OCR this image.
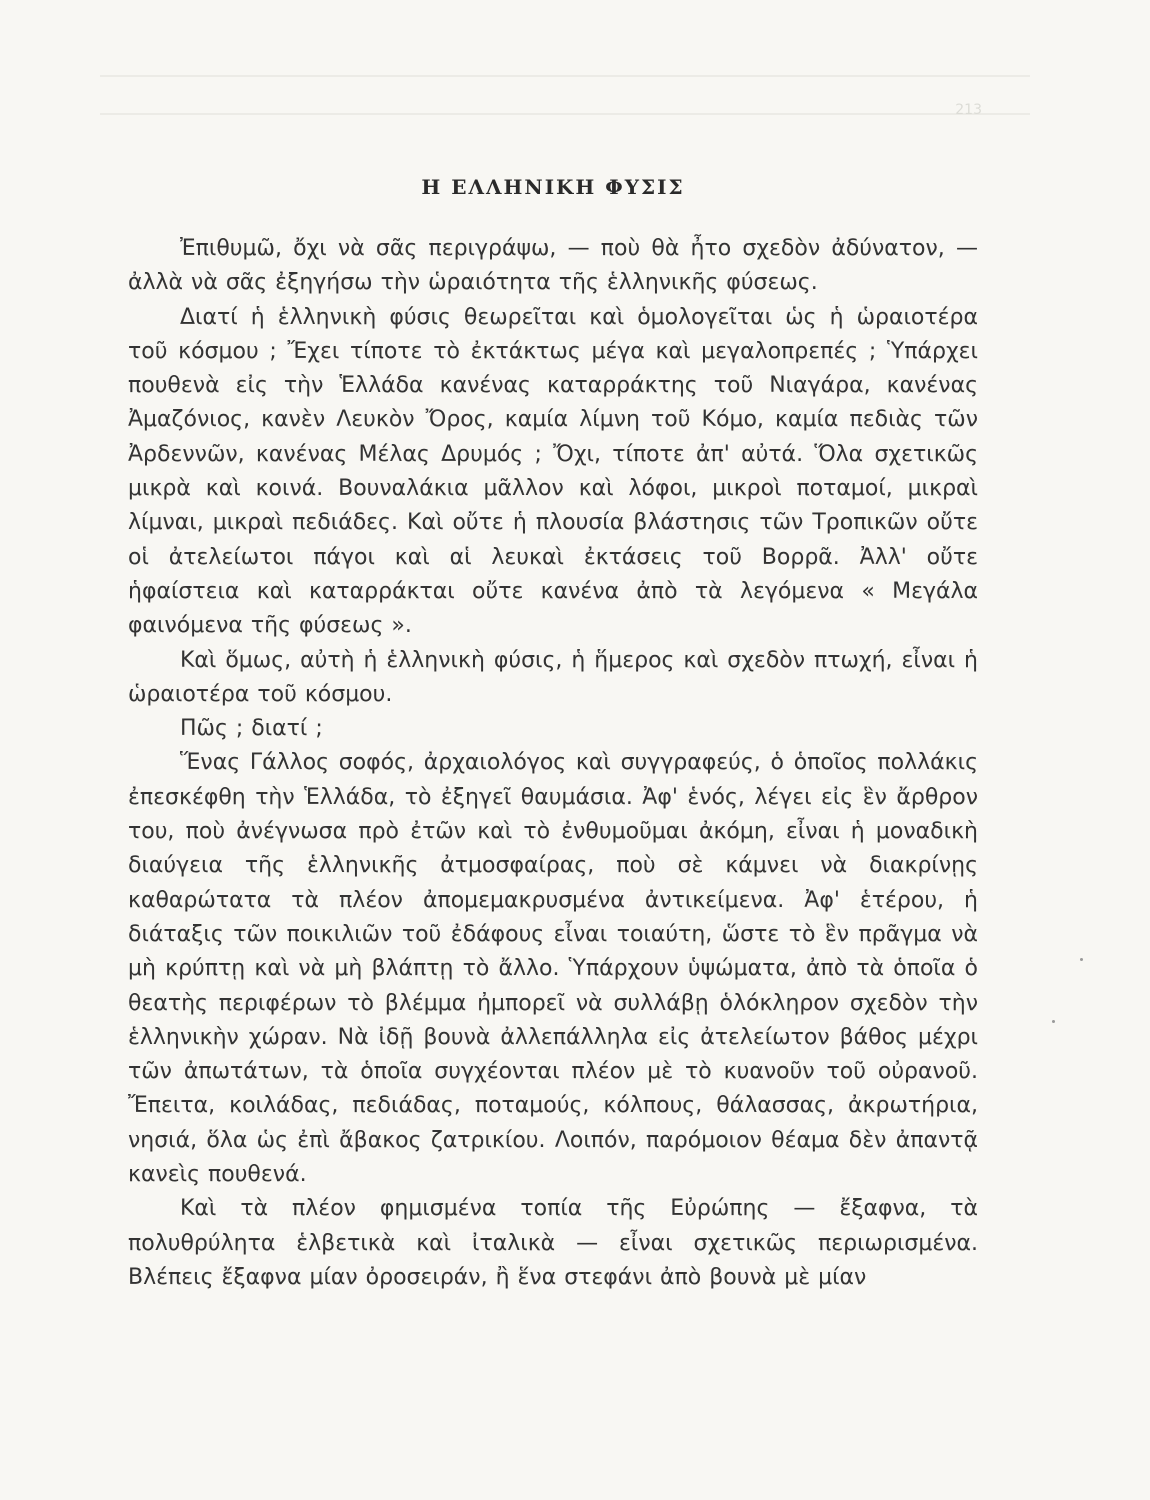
213
Η ΕΛΛΗΝΙΚΗ ΦΥΣΙΣ

Ἐπιθυμῶ, ὄχι νὰ σᾶς περιγράψω, — ποὺ θὰ ἦτο σχεδὸν ἀδύνατον, — ἀλλὰ νὰ σᾶς ἐξηγήσω τὴν ὡραιότητα τῆς ἑλληνικῆς φύσεως.

Διατί ἡ ἑλληνικὴ φύσις θεωρεῖται καὶ ὁμολογεῖται ὡς ἡ ὡραιοτέρα τοῦ κόσμου ; Ἔχει τίποτε τὸ ἐκτάκτως μέγα καὶ μεγαλοπρεπές ; Ὑπάρχει πουθενὰ εἰς τὴν Ἑλλάδα κανένας καταρράκτης τοῦ Νιαγάρα, κανένας Ἀμαζόνιος, κανὲν Λευκὸν Ὄρος, καμία λίμνη τοῦ Κόμο, καμία πεδιὰς τῶν Ἀρδεννῶν, κανένας Μέλας Δρυμός ; Ὄχι, τίποτε ἀπ' αὐτά. Ὅλα σχετικῶς μικρὰ καὶ κοινά. Βουναλάκια μᾶλλον καὶ λόφοι, μικροὶ ποταμοί, μικραὶ λίμναι, μικραὶ πεδιάδες. Καὶ οὔτε ἡ πλουσία βλάστησις τῶν Τροπικῶν οὔτε οἱ ἀτελείωτοι πάγοι καὶ αἱ λευκαὶ ἐκτάσεις τοῦ Βορρᾶ. Ἀλλ' οὔτε ἡφαίστεια καὶ καταρράκται οὔτε κανένα ἀπὸ τὰ λεγόμενα « Μεγάλα φαινόμενα τῆς φύσεως ».

Καὶ ὅμως, αὐτὴ ἡ ἑλληνικὴ φύσις, ἡ ἥμερος καὶ σχεδὸν πτωχή, εἶναι ἡ ὡραιοτέρα τοῦ κόσμου.

Πῶς ; διατί ;

Ἕνας Γάλλος σοφός, ἀρχαιολόγος καὶ συγγραφεύς, ὁ ὁποῖος πολλάκις ἐπεσκέφθη τὴν Ἑλλάδα, τὸ ἐξηγεῖ θαυμάσια. Ἀφ' ἑνός, λέγει εἰς ἓν ἄρθρον του, ποὺ ἀνέγνωσα πρὸ ἐτῶν καὶ τὸ ἐνθυμοῦμαι ἀκόμη, εἶναι ἡ μοναδικὴ διαύγεια τῆς ἑλληνικῆς ἀτμοσφαίρας, ποὺ σὲ κάμνει νὰ διακρίνῃς καθαρώτατα τὰ πλέον ἀπομεμακρυσμένα ἀντικείμενα. Ἀφ' ἑτέρου, ἡ διάταξις τῶν ποικιλιῶν τοῦ ἐδάφους εἶναι τοιαύτη, ὥστε τὸ ἓν πρᾶγμα νὰ μὴ κρύπτῃ καὶ νὰ μὴ βλάπτῃ τὸ ἄλλο. Ὑπάρχουν ὑψώματα, ἀπὸ τὰ ὁποῖα ὁ θεατὴς περιφέρων τὸ βλέμμα ἠμπορεῖ νὰ συλλάβῃ ὁλόκληρον σχεδὸν τὴν ἑλληνικὴν χώραν. Νὰ ἰδῇ βουνὰ ἀλλεπάλληλα εἰς ἀτελείωτον βάθος μέχρι τῶν ἀπωτάτων, τὰ ὁποῖα συγχέονται πλέον μὲ τὸ κυανοῦν τοῦ οὐρανοῦ. Ἔπειτα, κοιλάδας, πεδιάδας, ποταμούς, κόλπους, θάλασσας, ἀκρωτήρια, νησιά, ὅλα ὡς ἐπὶ ἄβακος ζατρικίου. Λοιπόν, παρόμοιον θέαμα δὲν ἀπαντᾷ κανεὶς πουθενά.

Καὶ τὰ πλέον φημισμένα τοπία τῆς Εὐρώπης — ἔξαφνα, τὰ πολυθρύλητα ἑλβετικὰ καὶ ἰταλικὰ — εἶναι σχετικῶς περιωρισμένα. Βλέπεις ἔξαφνα μίαν ὀροσειράν, ἢ ἕνα στεφάνι ἀπὸ βουνὰ μὲ μίαν
